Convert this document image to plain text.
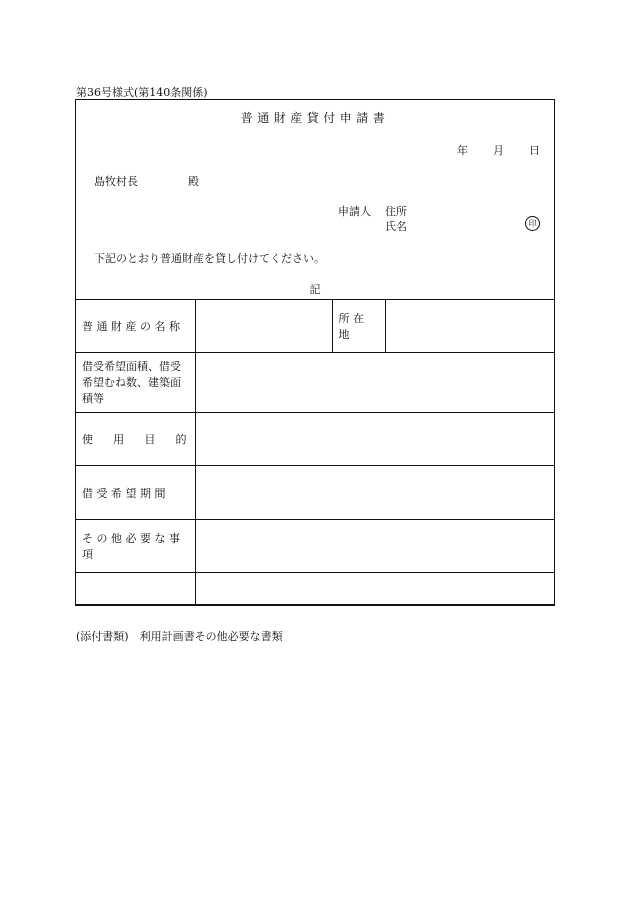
第36号様式(第140条関係)
普通財産貸付申請書
年 月 日
島牧村長	殿
申請人 住所
氏名	印
下記のとおり普通財産を貸し付けてください。
記
普通財産の名称		所在地	
借受希望面積、借受希望むね数、建築面積等			

使 用 目 的			

借受希望期間			
その他必要な事項			

(添付書類)　利用計画書その他必要な書類
